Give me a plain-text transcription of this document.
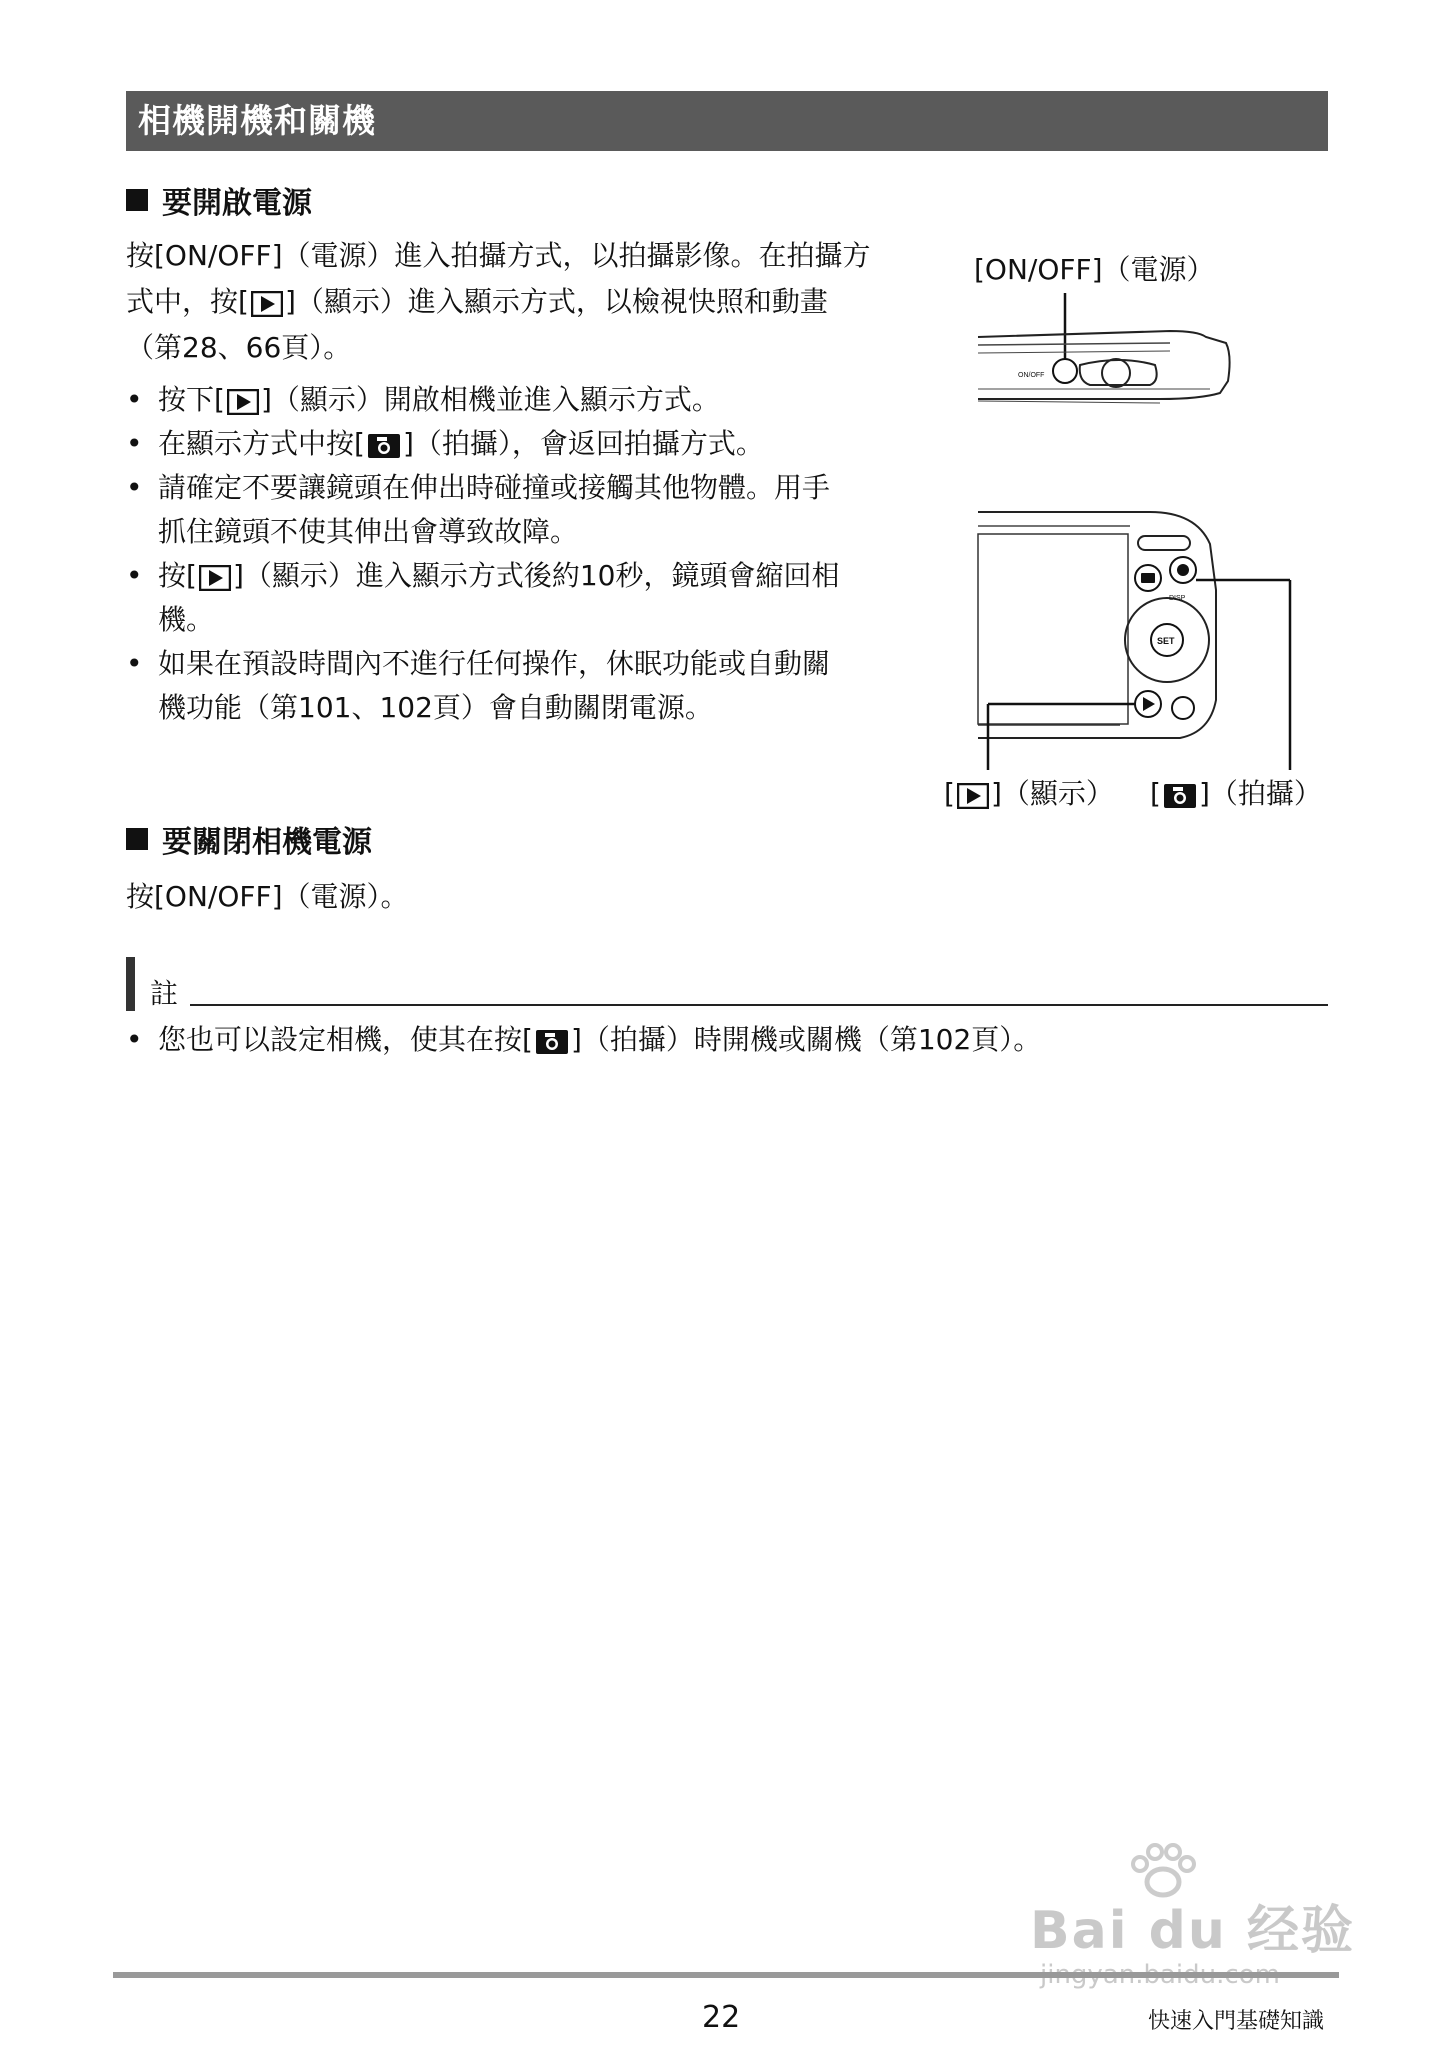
相機開機和關機
要開啟電源
按[ON/OFF]（電源）進入拍攝方式，以拍攝影像。在拍攝方
式中，按[ ]（顯示）進入顯示方式，以檢視快照和動畫
（第28、66頁）。
• 按下[ ]（顯示）開啟相機並進入顯示方式。
• 在顯示方式中按[ ]（拍攝），會返回拍攝方式。
• 請確定不要讓鏡頭在伸出時碰撞或接觸其他物體。用手
抓住鏡頭不使其伸出會導致故障。
• 按[ ]（顯示）進入顯示方式後約10秒，鏡頭會縮回相
機。
• 如果在預設時間內不進行任何操作，休眠功能或自動關
機功能（第101、102頁）會自動關閉電源。
[ON/OFF]（電源）
ON/OFF
SET
DISP
[ ]（顯示） [ ]（拍攝）
要關閉相機電源
按[ON/OFF]（電源）。
註
• 您也可以設定相機，使其在按[ ]（拍攝）時開機或關機（第102頁）。
Bai du 经验
22	快速入門基礎知識
